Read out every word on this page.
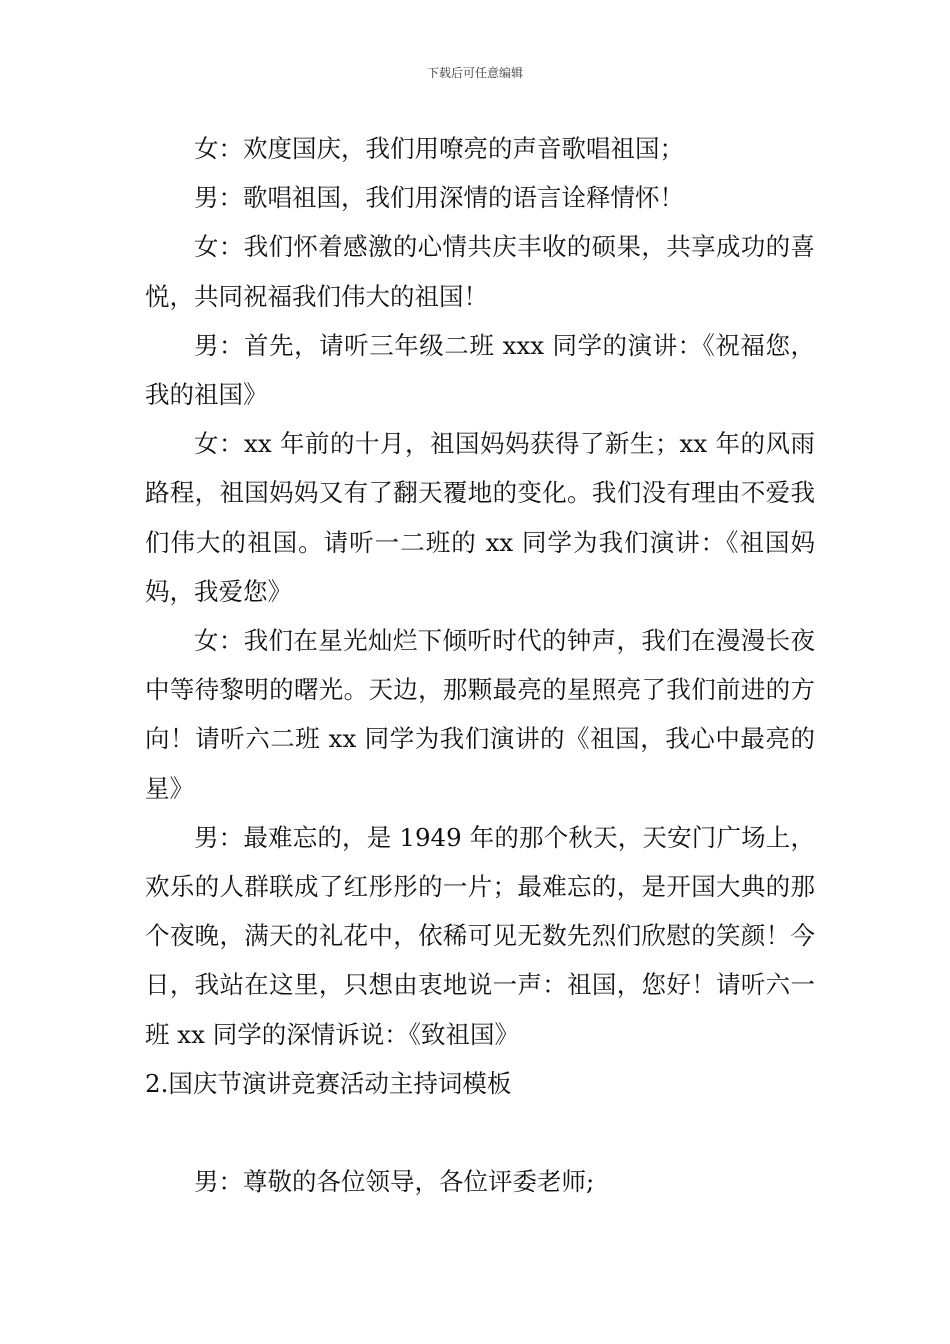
下载后可任意编辑

女：欢度国庆，我们用嘹亮的声音歌唱祖国；

男：歌唱祖国，我们用深情的语言诠释情怀！

女：我们怀着感激的心情共庆丰收的硕果，共享成功的喜悦，共同祝福我们伟大的祖国！

男：首先，请听三年级二班 xxx 同学的演讲：《祝福您，我的祖国》

女：xx 年前的十月，祖国妈妈获得了新生；xx 年的风雨路程，祖国妈妈又有了翻天覆地的变化。我们没有理由不爱我们伟大的祖国。请听一二班的 xx 同学为我们演讲：《祖国妈妈，我爱您》

女：我们在星光灿烂下倾听时代的钟声，我们在漫漫长夜中等待黎明的曙光。天边，那颗最亮的星照亮了我们前进的方向！请听六二班 xx 同学为我们演讲的《祖国，我心中最亮的星》

男：最难忘的，是 1949 年的那个秋天，天安门广场上，欢乐的人群联成了红彤彤的一片；最难忘的，是开国大典的那个夜晚，满天的礼花中，依稀可见无数先烈们欣慰的笑颜！今日，我站在这里，只想由衷地说一声：祖国，您好！请听六一班 xx 同学的深情诉说：《致祖国》

2.国庆节演讲竞赛活动主持词模板

男：尊敬的各位领导，各位评委老师;
